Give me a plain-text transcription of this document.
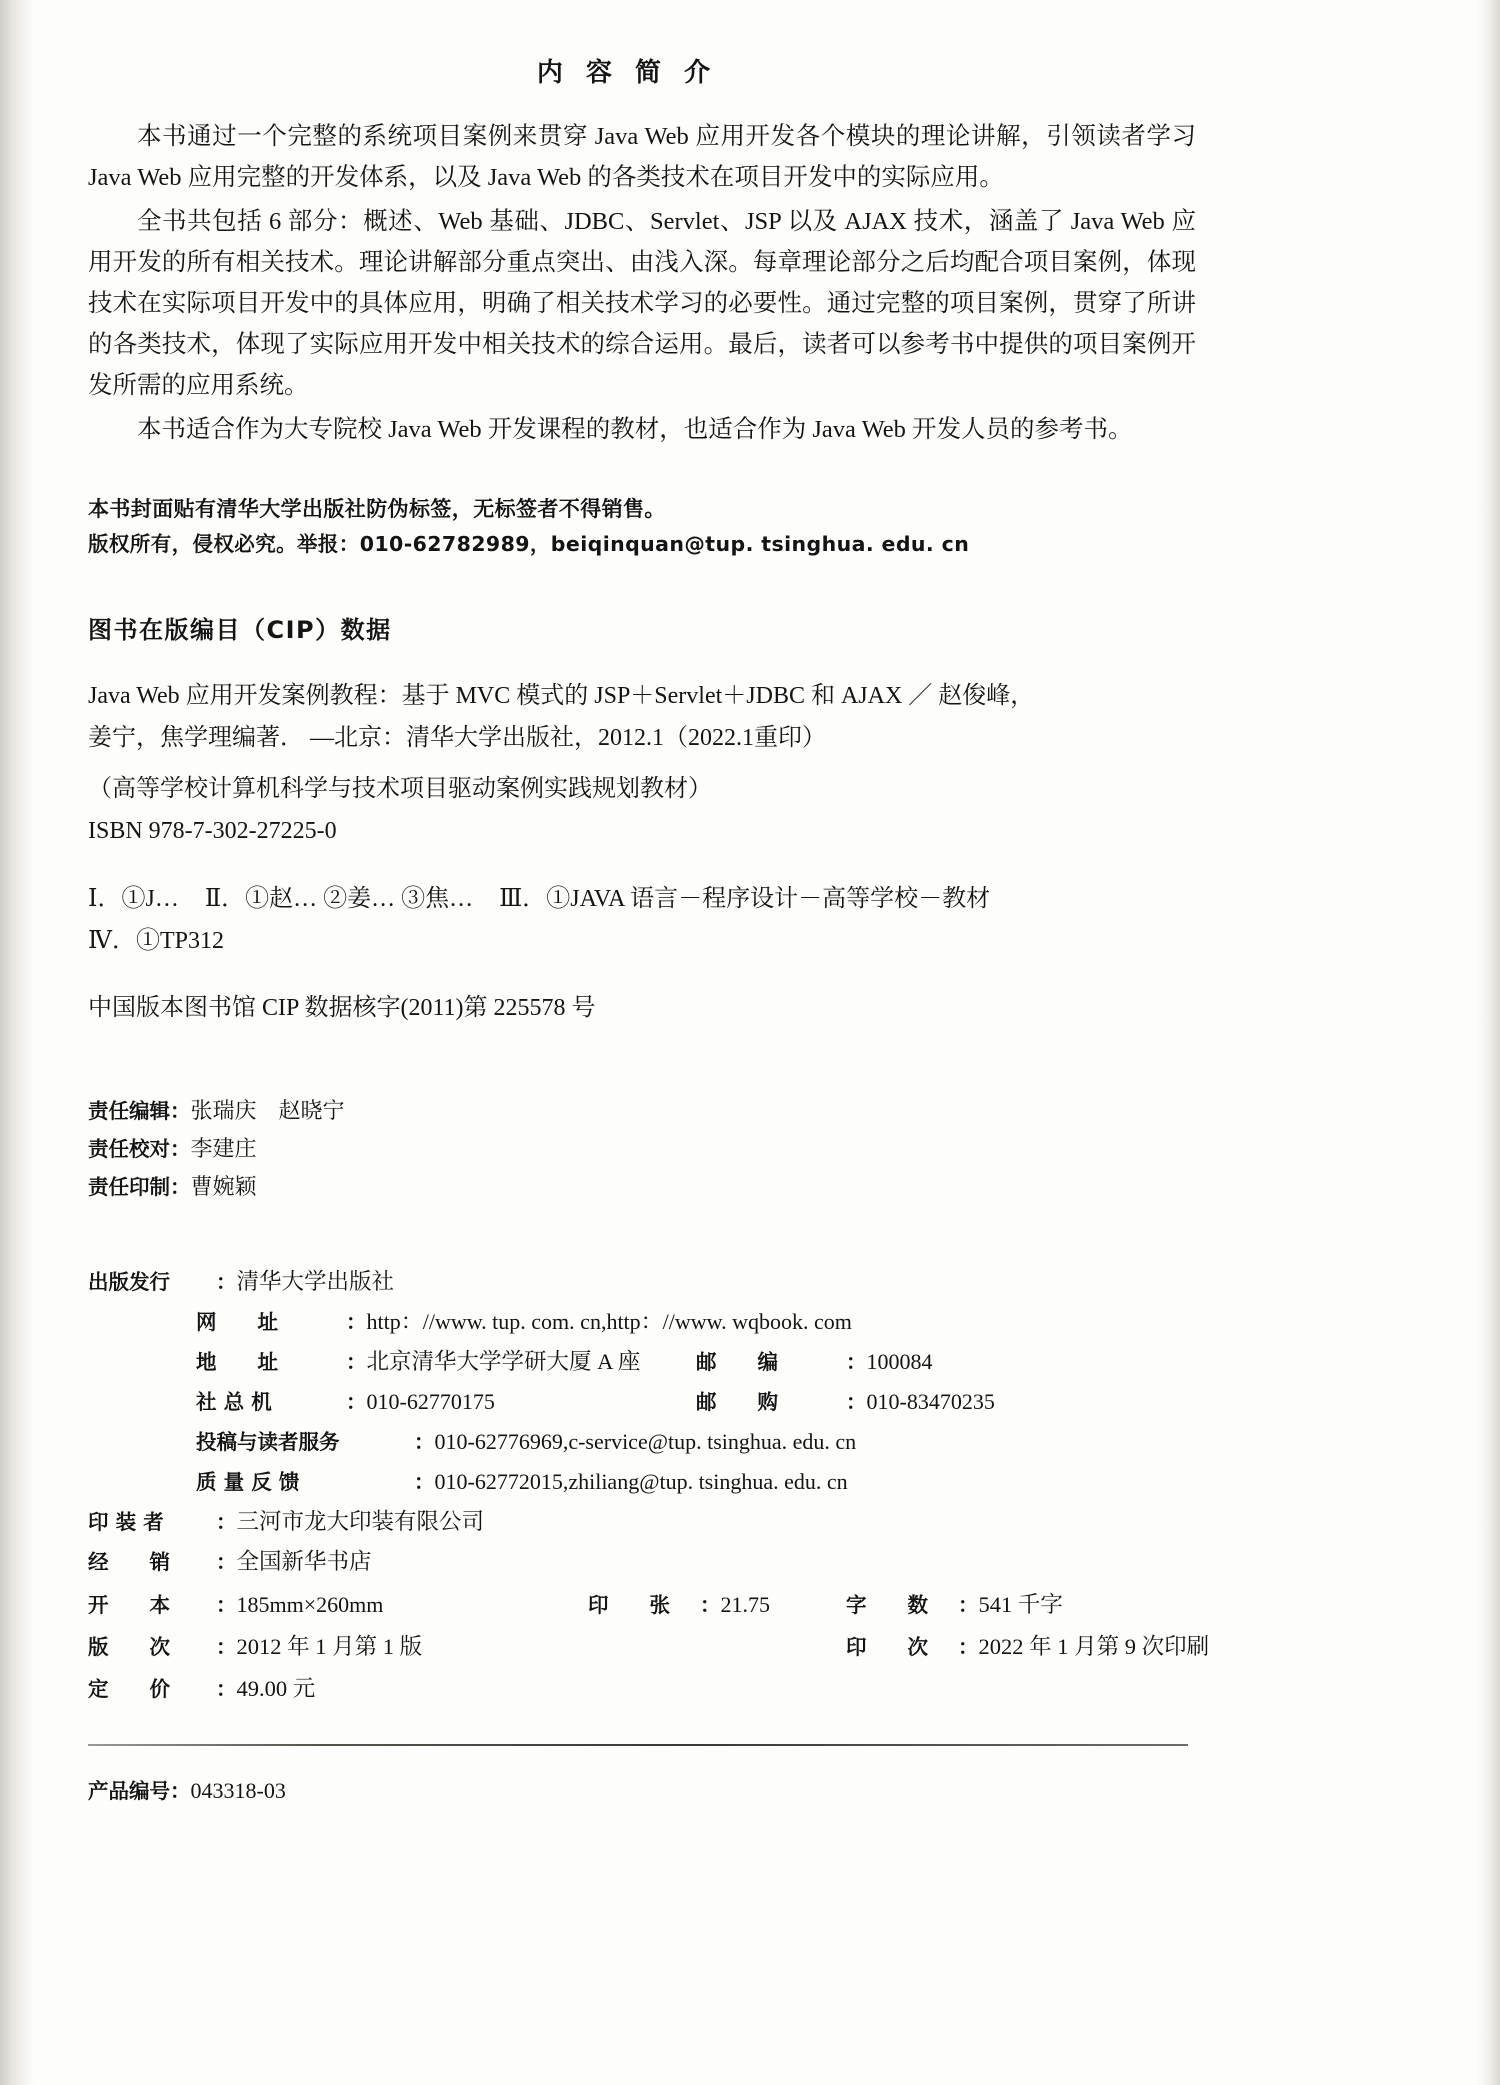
内 容 简 介

本书通过一个完整的系统项目案例来贯穿 Java Web 应用开发各个模块的理论讲解，引领读者学习 Java Web 应用完整的开发体系，以及 Java Web 的各类技术在项目开发中的实际应用。

全书共包括 6 部分：概述、Web 基础、JDBC、Servlet、JSP 以及 AJAX 技术，涵盖了 Java Web 应用开发的所有相关技术。理论讲解部分重点突出、由浅入深。每章理论部分之后均配合项目案例，体现技术在实际项目开发中的具体应用，明确了相关技术学习的必要性。通过完整的项目案例，贯穿了所讲的各类技术，体现了实际应用开发中相关技术的综合运用。最后，读者可以参考书中提供的项目案例开发所需的应用系统。

本书适合作为大专院校 Java Web 开发课程的教材，也适合作为 Java Web 开发人员的参考书。

本书封面贴有清华大学出版社防伪标签，无标签者不得销售。
版权所有，侵权必究。举报：010-62782989，beiqinquan@tup. tsinghua. edu. cn
图书在版编目（CIP）数据
Java Web 应用开发案例教程：基于 MVC 模式的 JSP＋Servlet＋JDBC 和 AJAX ／ 赵俊峰，
姜宁，焦学理编著． —北京：清华大学出版社，2012.1（2022.1重印）
（高等学校计算机科学与技术项目驱动案例实践规划教材）
ISBN 978-7-302-27225-0
Ⅰ．①J… Ⅱ．①赵… ②姜… ③焦… Ⅲ．①JAVA 语言－程序设计－高等学校－教材
Ⅳ．①TP312
中国版本图书馆 CIP 数据核字(2011)第 225578 号
责任编辑：张瑞庆 赵晓宁
责任校对：李建庄
责任印制：曹婉颖
出版发行	： 清华大学出版社
网　　址	： http：//www. tup. com. cn,http：//www. wqbook. com
地　　址	： 北京清华大学学研大厦 A 座	邮　　编	： 100084
社 总 机	： 010-62770175	邮　　购	： 010-83470235
投稿与读者服务	： 010-62776969,c-service@tup. tsinghua. edu. cn
质 量 反 馈	： 010-62772015,zhiliang@tup. tsinghua. edu. cn
印 装 者	： 三河市龙大印装有限公司
经　　销	： 全国新华书店
开　　本	： 185mm×260mm	印　　张	： 21.75	字　　数	： 541 千字
版　　次	： 2012 年 1 月第 1 版	印　　次	： 2022 年 1 月第 9 次印刷
定　　价	： 49.00 元
产品编号：043318-03
